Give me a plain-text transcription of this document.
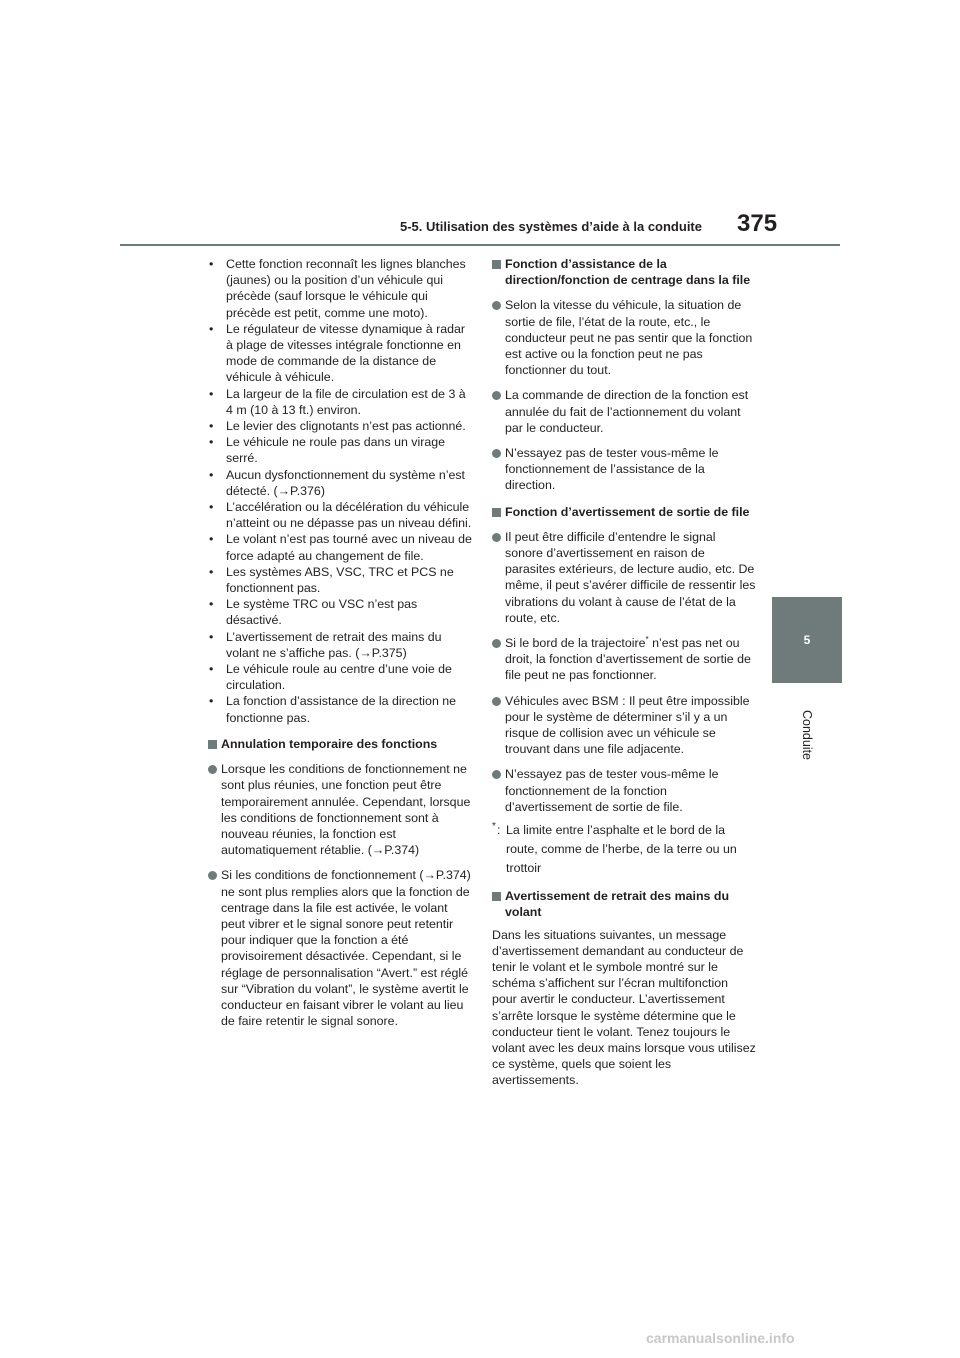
5-5. Utilisation des systèmes d’aide à la conduite 375
5
Conduite
• Cette fonction reconnaît les lignes blanches (jaunes) ou la position d’un véhicule qui précède (sauf lorsque le véhicule qui précède est petit, comme une moto).
• Le régulateur de vitesse dynamique à radar à plage de vitesses intégrale fonctionne en mode de commande de la distance de véhicule à véhicule.
• La largeur de la file de circulation est de 3 à 4 m (10 à 13 ft.) environ.
• Le levier des clignotants n’est pas actionné.
• Le véhicule ne roule pas dans un virage serré.
• Aucun dysfonctionnement du système n’est détecté. (→P.376)
• L’accélération ou la décélération du véhicule n’atteint ou ne dépasse pas un niveau défini.
• Le volant n’est pas tourné avec un niveau de force adapté au changement de file.
• Les systèmes ABS, VSC, TRC et PCS ne fonctionnent pas.
• Le système TRC ou VSC n’est pas désactivé.
• L’avertissement de retrait des mains du volant ne s’affiche pas. (→P.375)
• Le véhicule roule au centre d’une voie de circulation.
• La fonction d’assistance de la direction ne fonctionne pas.
Annulation temporaire des fonctions
Lorsque les conditions de fonctionnement ne sont plus réunies, une fonction peut être temporairement annulée. Cependant, lorsque les conditions de fonctionnement sont à nouveau réunies, la fonction est automatiquement rétablie. (→P.374)
Si les conditions de fonctionnement (→P.374) ne sont plus remplies alors que la fonction de centrage dans la file est activée, le volant peut vibrer et le signal sonore peut retentir pour indiquer que la fonction a été provisoirement désactivée. Cependant, si le réglage de personnalisation “Avert.” est réglé sur “Vibration du volant”, le système avertit le conducteur en faisant vibrer le volant au lieu de faire retentir le signal sonore.
Fonction d’assistance de la direction/fonction de centrage dans la file
Selon la vitesse du véhicule, la situation de sortie de file, l’état de la route, etc., le conducteur peut ne pas sentir que la fonction est active ou la fonction peut ne pas fonctionner du tout.
La commande de direction de la fonction est annulée du fait de l’actionnement du volant par le conducteur.
N’essayez pas de tester vous-même le fonctionnement de l’assistance de la direction.
Fonction d’avertissement de sortie de file
Il peut être difficile d’entendre le signal sonore d’avertissement en raison de parasites extérieurs, de lecture audio, etc. De même, il peut s’avérer difficile de ressentir les vibrations du volant à cause de l’état de la route, etc.
Si le bord de la trajectoire* n’est pas net ou droit, la fonction d’avertissement de sortie de file peut ne pas fonctionner.
Véhicules avec BSM : Il peut être impossible pour le système de déterminer s’il y a un risque de collision avec un véhicule se trouvant dans une file adjacente.
N’essayez pas de tester vous-même le fonctionnement de la fonction d’avertissement de sortie de file.
* : La limite entre l’asphalte et le bord de la route, comme de l’herbe, de la terre ou un trottoir
Avertissement de retrait des mains du volant
Dans les situations suivantes, un message d’avertissement demandant au conducteur de tenir le volant et le symbole montré sur le schéma s’affichent sur l’écran multifonction pour avertir le conducteur. L’avertissement s’arrête lorsque le système détermine que le conducteur tient le volant. Tenez toujours le volant avec les deux mains lorsque vous utilisez ce système, quels que soient les avertissements.
carmanualsonline.info
